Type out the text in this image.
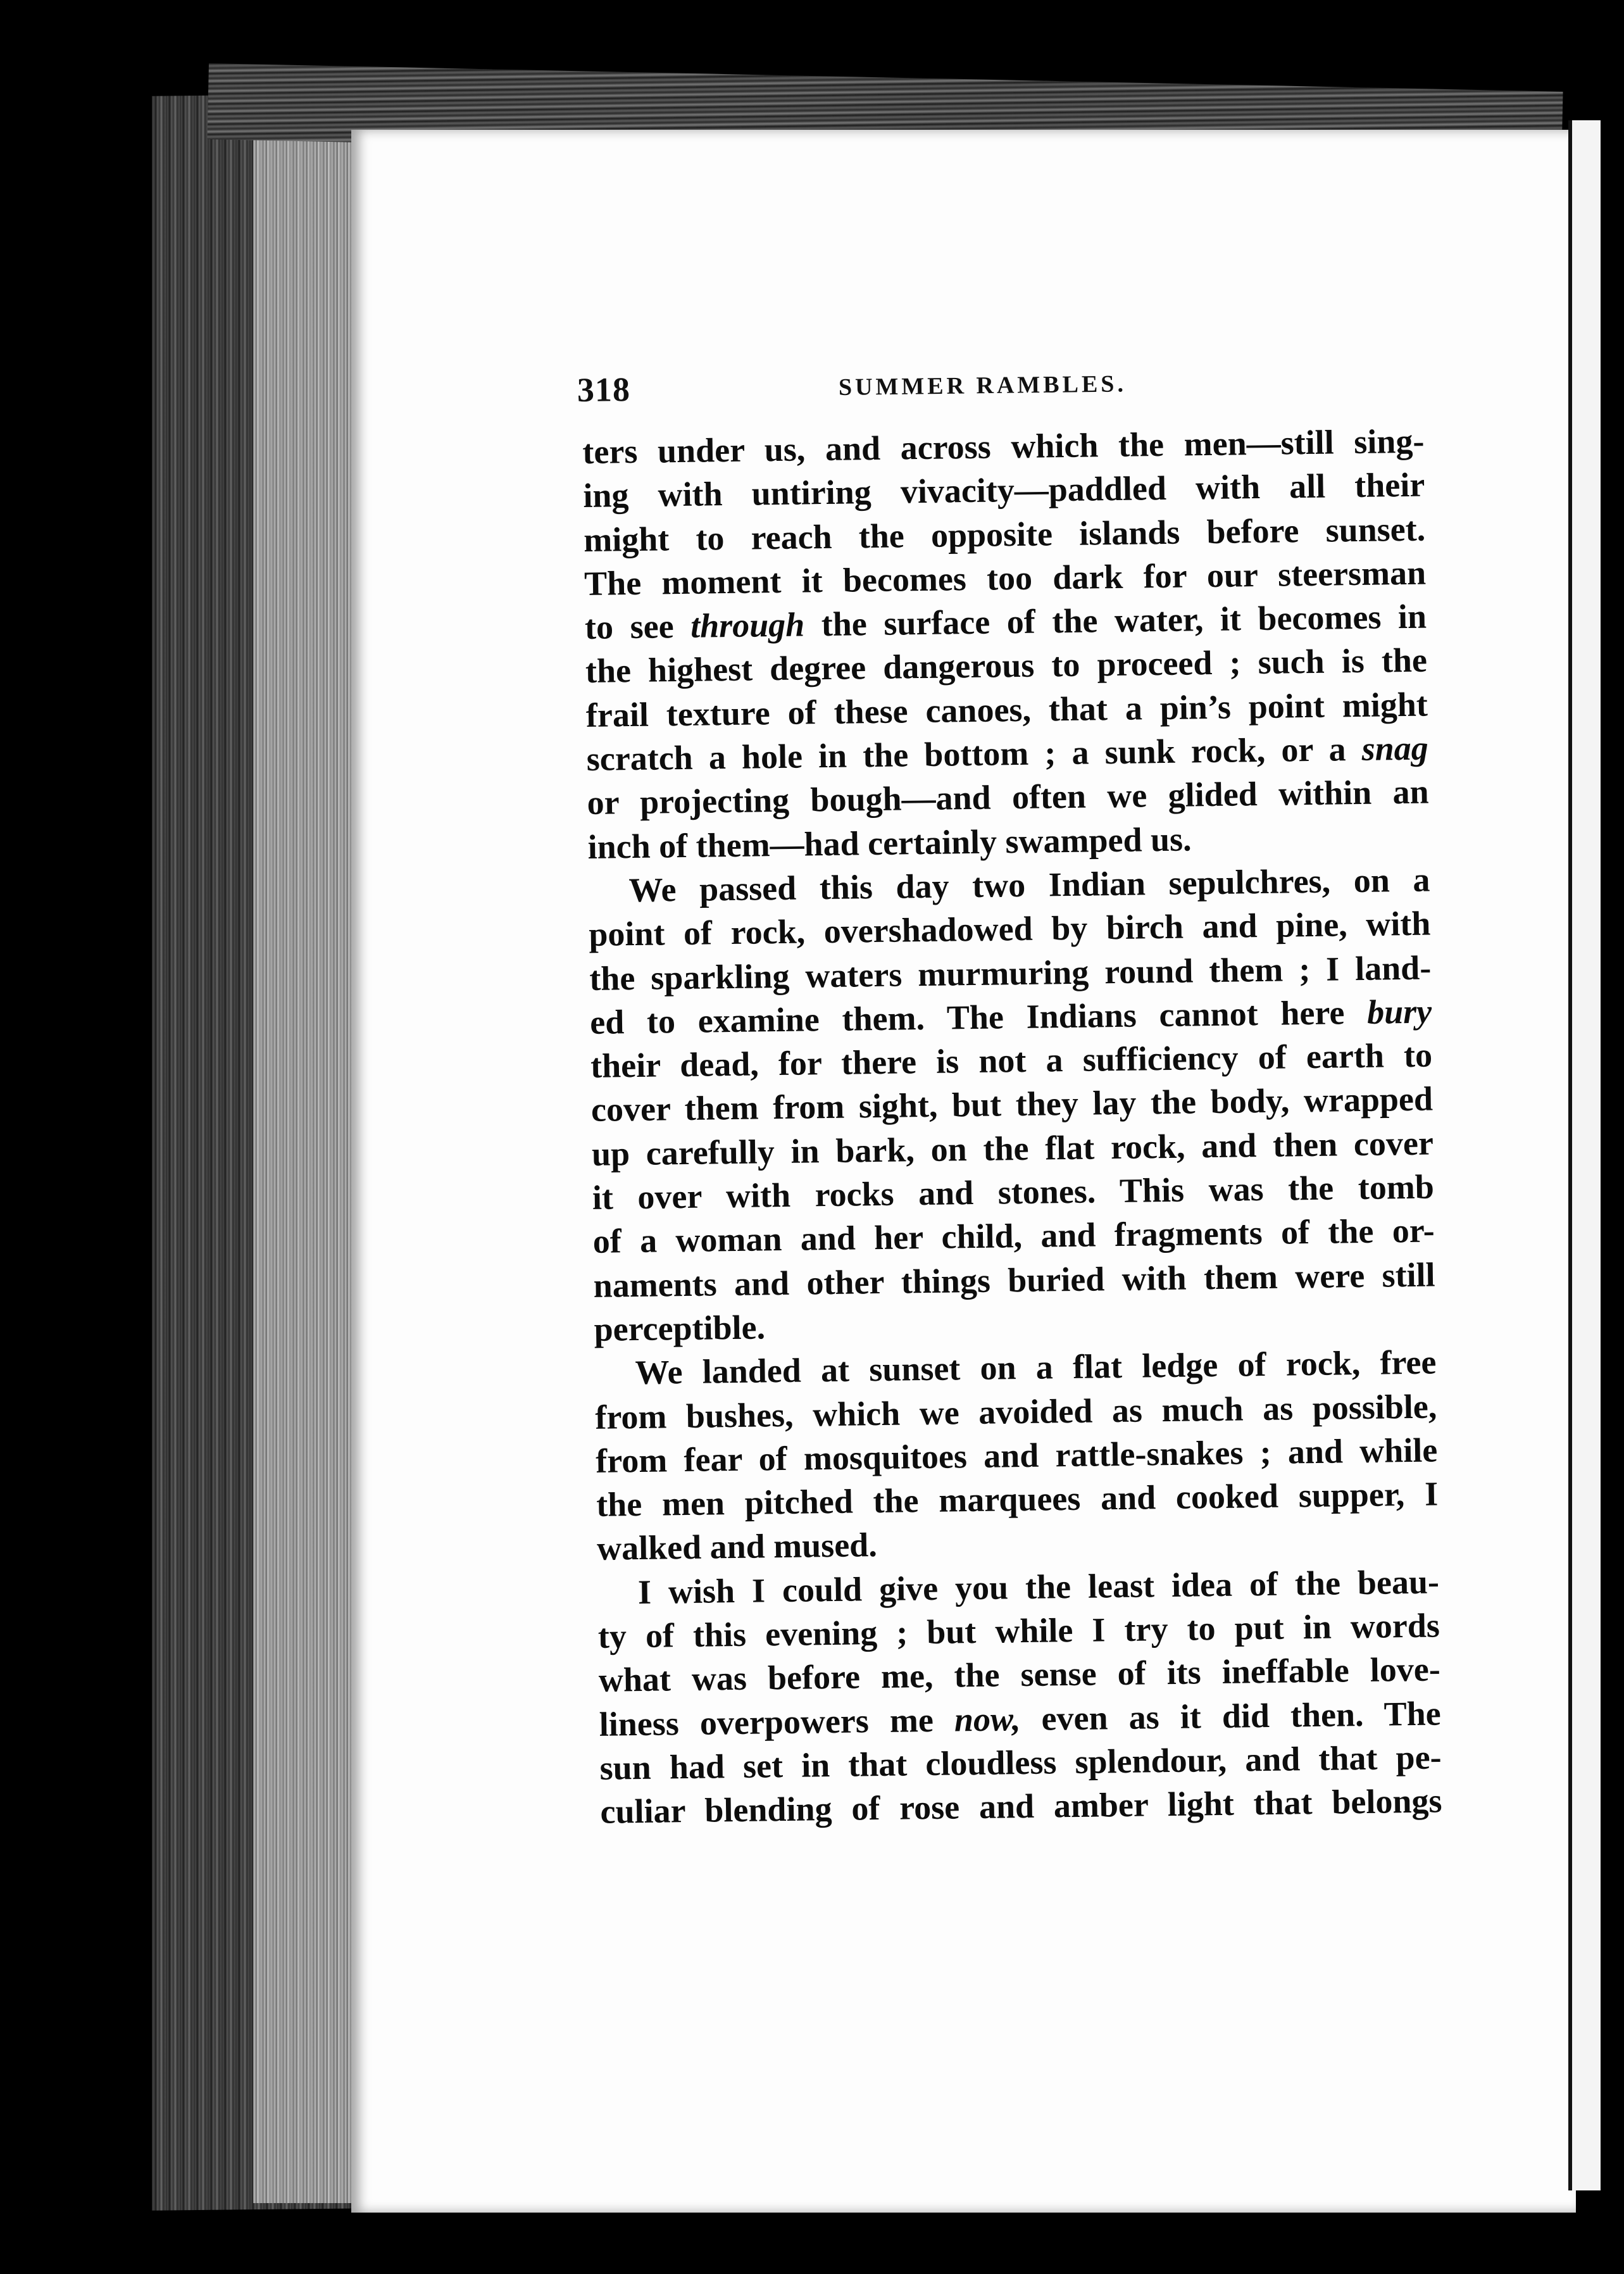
318	SUMMER RAMBLES.
ters under us, and across which the men—still sing-
ing with untiring vivacity—paddled with all their
might to reach the opposite islands before sunset.
The moment it becomes too dark for our steersman
to see through the surface of the water, it becomes in
the highest degree dangerous to proceed ; such is the
frail texture of these canoes, that a pin’s point might
scratch a hole in the bottom ; a sunk rock, or a snag
or projecting bough—and often we glided within an
inch of them—had certainly swamped us.
We passed this day two Indian sepulchres, on a
point of rock, overshadowed by birch and pine, with
the sparkling waters murmuring round them ; I land-
ed to examine them. The Indians cannot here bury
their dead, for there is not a sufficiency of earth to
cover them from sight, but they lay the body, wrapped
up carefully in bark, on the flat rock, and then cover
it over with rocks and stones. This was the tomb
of a woman and her child, and fragments of the or-
naments and other things buried with them were still
perceptible.
We landed at sunset on a flat ledge of rock, free
from bushes, which we avoided as much as possible,
from fear of mosquitoes and rattle-snakes ; and while
the men pitched the marquees and cooked supper, I
walked and mused.
I wish I could give you the least idea of the beau-
ty of this evening ; but while I try to put in words
what was before me, the sense of its ineffable love-
liness overpowers me now, even as it did then. The
sun had set in that cloudless splendour, and that pe-
culiar blending of rose and amber light that belongs
